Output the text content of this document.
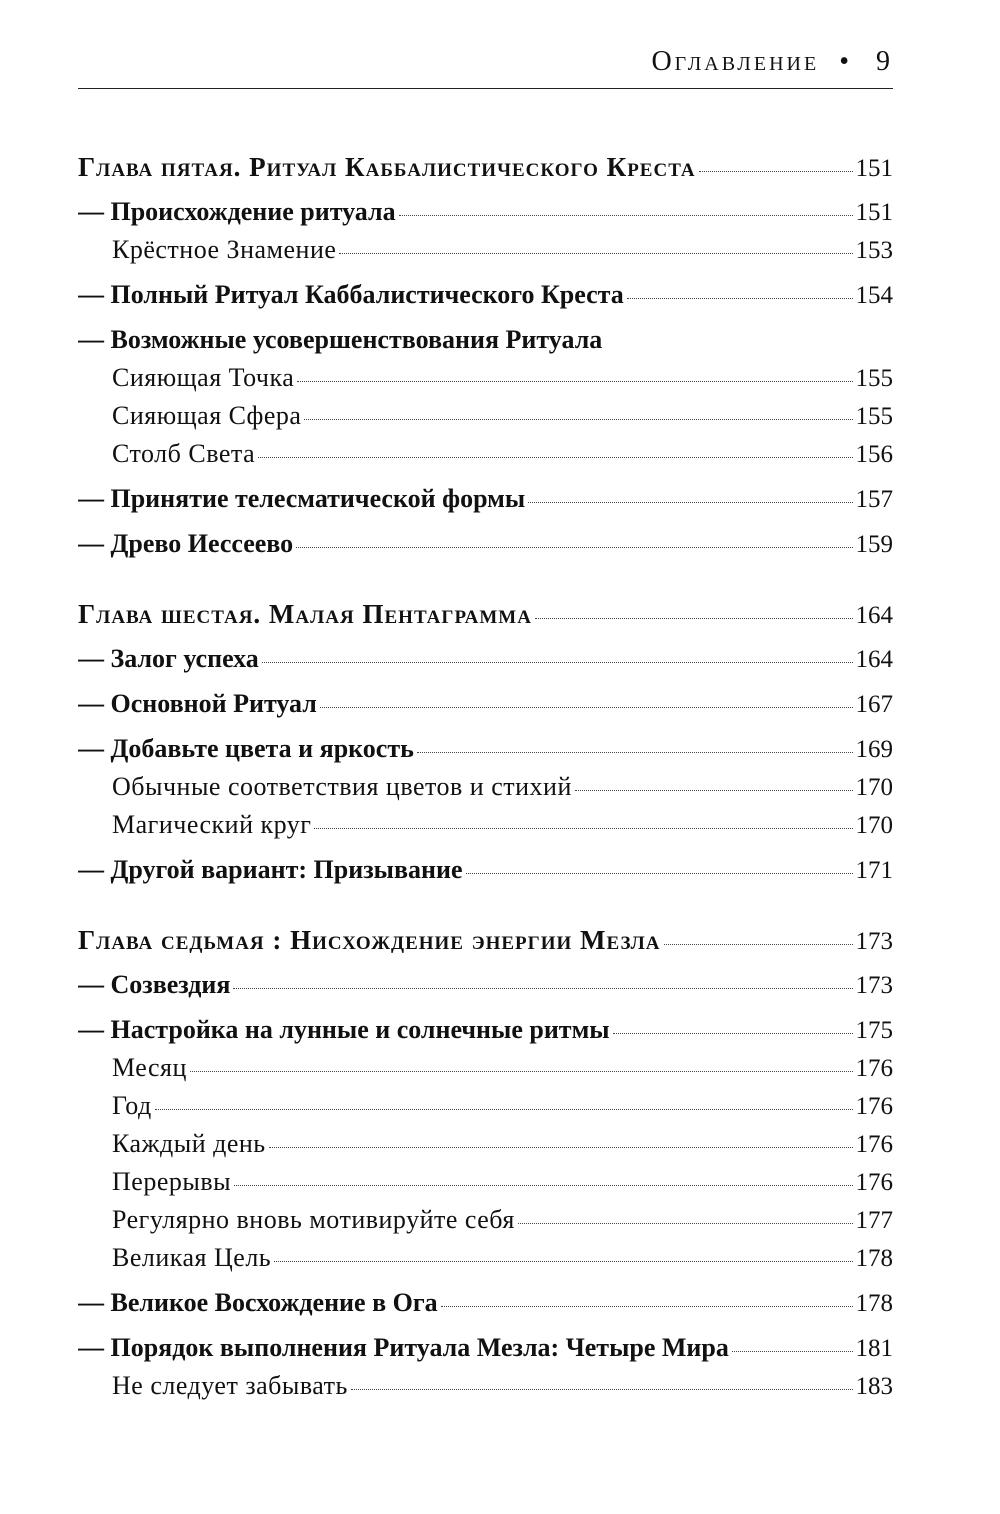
Оглавление • 9
Глава пятая. Ритуал Каббалистического Креста	151
— Происхождение ритуала	151
Крёстное Знамение	153
— Полный Ритуал Каббалистического Креста	154
— Возможные усовершенствования Ритуала
Сияющая Точка	155
Сияющая Сфера	155
Столб Света	156
— Принятие телесматической формы	157
— Древо Иессеево	159
Глава шестая. Малая Пентаграмма	164
— Залог успеха	164
— Основной Ритуал	167
— Добавьте цвета и яркость	169
Обычные соответствия цветов и стихий	170
Магический круг	170
— Другой вариант: Призывание	171
Глава седьмая : Нисхождение энергии Мезла	173
— Созвездия	173
— Настройка на лунные и солнечные ритмы	175
Месяц	176
Год	176
Каждый день	176
Перерывы	176
Регулярно вновь мотивируйте себя	177
Великая Цель	178
— Великое Восхождение в Ога	178
— Порядок выполнения Ритуала Мезла: Четыре Мира	181
Не следует забывать	183
